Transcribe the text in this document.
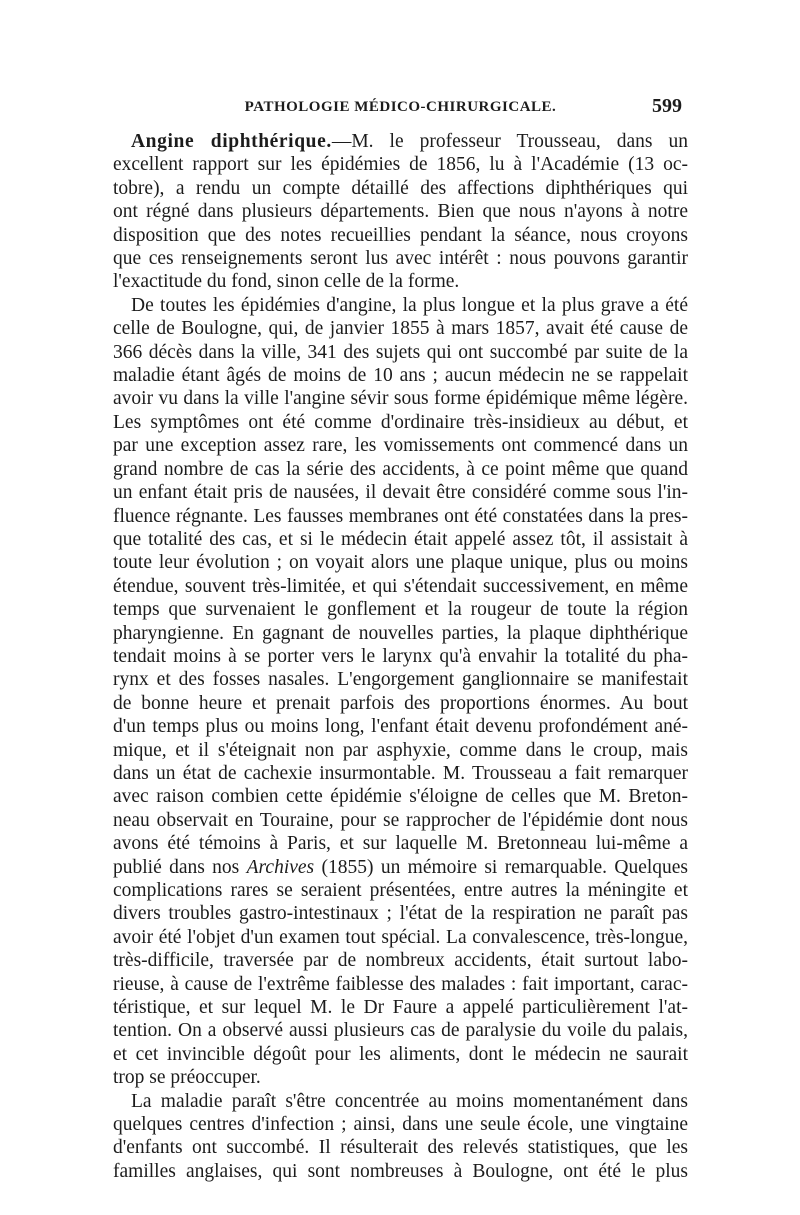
PATHOLOGIE MÉDICO-CHIRURGICALE.	599
Angine diphthérique.—M. le professeur Trousseau, dans un
excellent rapport sur les épidémies de 1856, lu à l'Académie (13 oc-
tobre), a rendu un compte détaillé des affections diphthériques qui
ont régné dans plusieurs départements. Bien que nous n'ayons à notre
disposition que des notes recueillies pendant la séance, nous croyons
que ces renseignements seront lus avec intérêt : nous pouvons garantir
l'exactitude du fond, sinon celle de la forme.
De toutes les épidémies d'angine, la plus longue et la plus grave a été
celle de Boulogne, qui, de janvier 1855 à mars 1857, avait été cause de
366 décès dans la ville, 341 des sujets qui ont succombé par suite de la
maladie étant âgés de moins de 10 ans ; aucun médecin ne se rappelait
avoir vu dans la ville l'angine sévir sous forme épidémique même légère.
Les symptômes ont été comme d'ordinaire très-insidieux au début, et
par une exception assez rare, les vomissements ont commencé dans un
grand nombre de cas la série des accidents, à ce point même que quand
un enfant était pris de nausées, il devait être considéré comme sous l'in-
fluence régnante. Les fausses membranes ont été constatées dans la pres-
que totalité des cas, et si le médecin était appelé assez tôt, il assistait à
toute leur évolution ; on voyait alors une plaque unique, plus ou moins
étendue, souvent très-limitée, et qui s'étendait successivement, en même
temps que survenaient le gonflement et la rougeur de toute la région
pharyngienne. En gagnant de nouvelles parties, la plaque diphthérique
tendait moins à se porter vers le larynx qu'à envahir la totalité du pha-
rynx et des fosses nasales. L'engorgement ganglionnaire se manifestait
de bonne heure et prenait parfois des proportions énormes. Au bout
d'un temps plus ou moins long, l'enfant était devenu profondément ané-
mique, et il s'éteignait non par asphyxie, comme dans le croup, mais
dans un état de cachexie insurmontable. M. Trousseau a fait remarquer
avec raison combien cette épidémie s'éloigne de celles que M. Breton-
neau observait en Touraine, pour se rapprocher de l'épidémie dont nous
avons été témoins à Paris, et sur laquelle M. Bretonneau lui-même a
publié dans nos Archives (1855) un mémoire si remarquable. Quelques
complications rares se seraient présentées, entre autres la méningite et
divers troubles gastro-intestinaux ; l'état de la respiration ne paraît pas
avoir été l'objet d'un examen tout spécial. La convalescence, très-longue,
très-difficile, traversée par de nombreux accidents, était surtout labo-
rieuse, à cause de l'extrême faiblesse des malades : fait important, carac-
téristique, et sur lequel M. le Dr Faure a appelé particulièrement l'at-
tention. On a observé aussi plusieurs cas de paralysie du voile du palais,
et cet invincible dégoût pour les aliments, dont le médecin ne saurait
trop se préoccuper.
La maladie paraît s'être concentrée au moins momentanément dans
quelques centres d'infection ; ainsi, dans une seule école, une vingtaine
d'enfants ont succombé. Il résulterait des relevés statistiques, que les
familles anglaises, qui sont nombreuses à Boulogne, ont été le plus
